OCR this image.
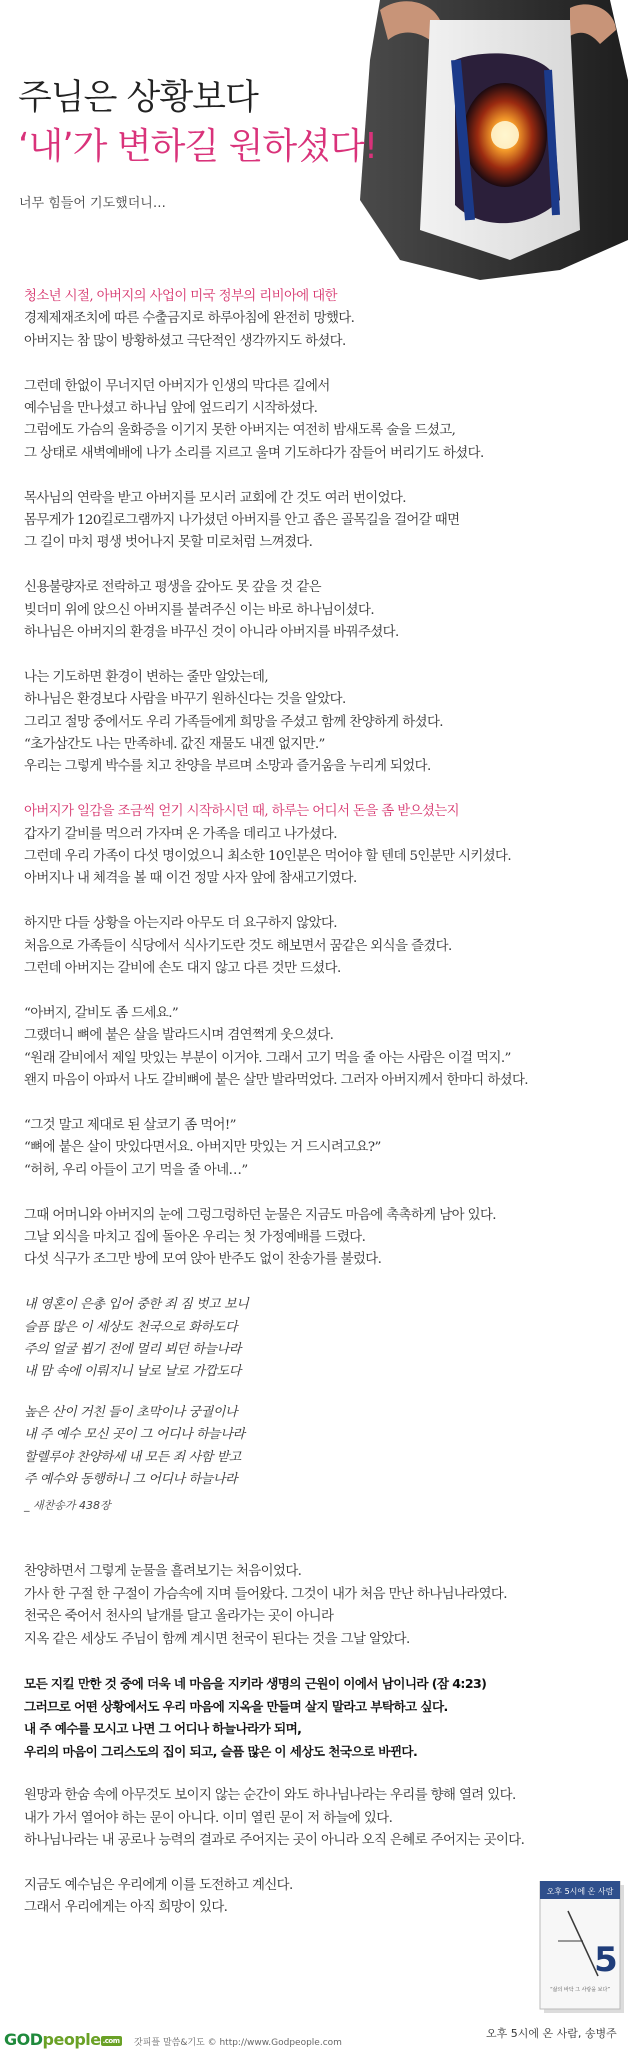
주님은 상황보다
‘내’가 변하길 원하셨다!
너무 힘들어 기도했더니…
청소년 시절, 아버지의 사업이 미국 정부의 리비아에 대한
경제제재조치에 따른 수출금지로 하루아침에 완전히 망했다.
아버지는 참 많이 방황하셨고 극단적인 생각까지도 하셨다.
그런데 한없이 무너지던 아버지가 인생의 막다른 길에서
예수님을 만나셨고 하나님 앞에 엎드리기 시작하셨다.
그럼에도 가슴의 울화증을 이기지 못한 아버지는 여전히 밤새도록 술을 드셨고,
그 상태로 새벽예배에 나가 소리를 지르고 울며 기도하다가 잠들어 버리기도 하셨다.
목사님의 연락을 받고 아버지를 모시러 교회에 간 것도 여러 번이었다.
몸무게가 120킬로그램까지 나가셨던 아버지를 안고 좁은 골목길을 걸어갈 때면
그 길이 마치 평생 벗어나지 못할 미로처럼 느껴졌다.
신용불량자로 전락하고 평생을 갚아도 못 갚을 것 같은
빚더미 위에 앉으신 아버지를 붙려주신 이는 바로 하나님이셨다.
하나님은 아버지의 환경을 바꾸신 것이 아니라 아버지를 바꿔주셨다.
나는 기도하면 환경이 변하는 줄만 알았는데,
하나님은 환경보다 사람을 바꾸기 원하신다는 것을 알았다.
그리고 절망 중에서도 우리 가족들에게 희망을 주셨고 함께 찬양하게 하셨다.
“초가삼간도 나는 만족하네. 값진 재물도 내겐 없지만.”
우리는 그렇게 박수를 치고 찬양을 부르며 소망과 즐거움을 누리게 되었다.
아버지가 일감을 조금씩 얻기 시작하시던 때, 하루는 어디서 돈을 좀 받으셨는지
갑자기 갈비를 먹으러 가자며 온 가족을 데리고 나가셨다.
그런데 우리 가족이 다섯 명이었으니 최소한 10인분은 먹어야 할 텐데 5인분만 시키셨다.
아버지나 내 체격을 볼 때 이건 정말 사자 앞에 참새고기였다.
하지만 다들 상황을 아는지라 아무도 더 요구하지 않았다.
처음으로 가족들이 식당에서 식사기도란 것도 해보면서 꿈같은 외식을 즐겼다.
그런데 아버지는 갈비에 손도 대지 않고 다른 것만 드셨다.
“아버지, 갈비도 좀 드세요.”
그랬더니 뼈에 붙은 살을 발라드시며 겸연쩍게 웃으셨다.
“원래 갈비에서 제일 맛있는 부분이 이거야. 그래서 고기 먹을 줄 아는 사람은 이걸 먹지.”
왠지 마음이 아파서 나도 갈비뼈에 붙은 살만 발라먹었다. 그러자 아버지께서 한마디 하셨다.
“그것 말고 제대로 된 살코기 좀 먹어!”
“뼈에 붙은 살이 맛있다면서요. 아버지만 맛있는 거 드시려고요?”
“허허, 우리 아들이 고기 먹을 줄 아네…”
그때 어머니와 아버지의 눈에 그렁그렁하던 눈물은 지금도 마음에 촉촉하게 남아 있다.
그날 외식을 마치고 집에 돌아온 우리는 첫 가정예배를 드렸다.
다섯 식구가 조그만 방에 모여 앉아 반주도 없이 찬송가를 불렀다.
내 영혼이 은총 입어 중한 죄 짐 벗고 보니
슬픔 많은 이 세상도 천국으로 화하도다
주의 얼굴 뵙기 전에 멀리 뵈던 하늘나라
내 맘 속에 이뤄지니 날로 날로 가깝도다
높은 산이 거친 들이 초막이나 궁궐이나
내 주 예수 모신 곳이 그 어디나 하늘나라
할렐루야 찬양하세 내 모든 죄 사함 받고
주 예수와 동행하니 그 어디나 하늘나라
_ 새찬송가 438장
찬양하면서 그렇게 눈물을 흘려보기는 처음이었다.
가사 한 구절 한 구절이 가슴속에 지며 들어왔다. 그것이 내가 처음 만난 하나님나라였다.
천국은 죽어서 천사의 날개를 달고 올라가는 곳이 아니라
지옥 같은 세상도 주님이 함께 계시면 천국이 된다는 것을 그날 알았다.
모든 지킬 만한 것 중에 더욱 네 마음을 지키라 생명의 근원이 이에서 남이니라 (잠 4:23)
그러므로 어떤 상황에서도 우리 마음에 지옥을 만들며 살지 말라고 부탁하고 싶다.
내 주 예수를 모시고 나면 그 어디나 하늘나라가 되며,
우리의 마음이 그리스도의 집이 되고, 슬픔 많은 이 세상도 천국으로 바뀐다.
원망과 한숨 속에 아무것도 보이지 않는 순간이 와도 하나님나라는 우리를 향해 열려 있다.
내가 가서 열어야 하는 문이 아니다. 이미 열린 문이 저 하늘에 있다.
하나님나라는 내 공로나 능력의 결과로 주어지는 곳이 아니라 오직 은혜로 주어지는 곳이다.
지금도 예수님은 우리에게 이를 도전하고 계신다.
그래서 우리에게는 아직 희망이 있다.
오후 5시에 온 사람
5
“삶의 바닥 그 사랑을 보다”
GODpeople .com 갓피플 말씀&기도 © http://www.Godpeople.com
오후 5시에 온 사람, 송병주
